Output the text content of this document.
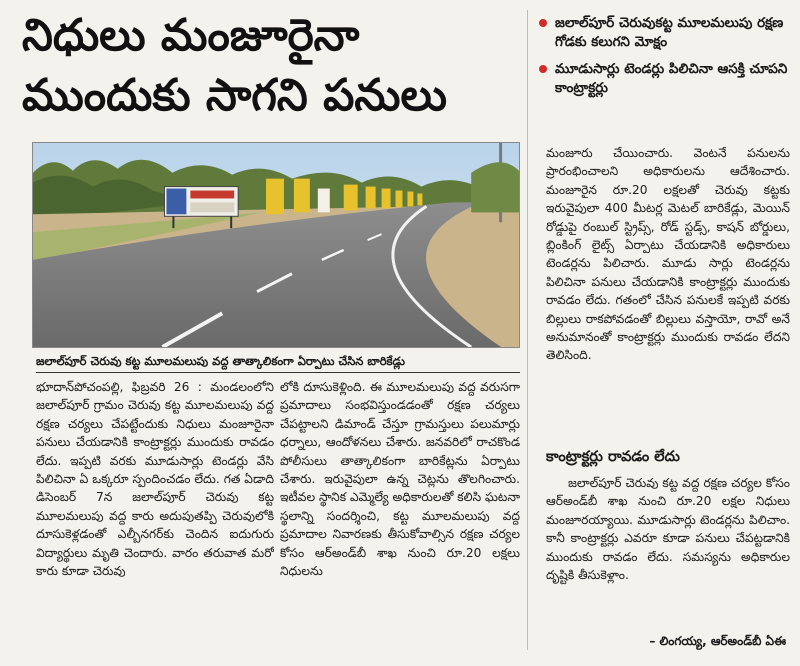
నిధులు మంజూరైనా
ముందుకు సాగని పనులు
జలాల్‌పూర్ చెరువుకట్ట మూలమలుపు రక్షణ గోడకు కలుగని మోక్షం
మూడుసార్లు టెండర్లు పిలిచినా ఆసక్తి చూపని కాంట్రాక్టర్లు
జలాల్‌పూర్ చెరువు కట్ట మూలమలుపు వద్ద తాత్కాలికంగా ఏర్పాటు చేసిన బారికేడ్లు

భూదాన్‌పోచంపల్లి, ఫిబ్రవరి 26 : మండలంలోని జలాల్‌పూర్ గ్రామం చెరువు కట్ట మూలమలుపు వద్ద రక్షణ చర్యలు చేపట్టేందుకు నిధులు మంజూరైనా పనులు చేయడానికి కాంట్రాక్టర్లు ముందుకు రావడం లేదు. ఇప్పటి వరకు మూడుసార్లు టెండర్లు వేసి పిలిచినా ఏ ఒక్కరూ స్పందించడం లేదు. గత ఏడాది డిసెంబర్ 7న జలాల్‌పూర్ చెరువు కట్ట మూలమలుపు వద్ద కారు అదుపుతప్పి చెరువులోకి దూసుకెళ్లడంతో ఎల్బీనగర్‌కు చెందిన ఐదుగురు విద్యార్థులు మృతి చెందారు. వారం తరువాత మరో కారు కూడా చెరువు

లోకి దూసుకెళ్లింది. ఈ మూలమలుపు వద్ద వరుసగా ప్రమాదాలు సంభవిస్తుండడంతో రక్షణ చర్యలు చేపట్టాలని డిమాండ్ చేస్తూ గ్రామస్తులు పలుమార్లు ధర్నాలు, ఆందోళనలు చేశారు. జనవరిలో రాచకొండ పోలీసులు తాత్కాలికంగా బారికేట్లను ఏర్పాటు చేశారు. ఇరువైపులా ఉన్న చెట్లను తొలగించారు. ఇటీవల స్థానిక ఎమ్మెల్యే అధికారులతో కలిసి ఘటనా స్థలాన్ని సందర్శించి, కట్ట మూలమలుపు వద్ద ప్రమాదాల నివారణకు తీసుకోవాల్సిన రక్షణ చర్యల కోసం ఆర్‌అండ్‌బీ శాఖ నుంచి రూ.20 లక్షలు నిధులను

మంజూరు చేయించారు. వెంటనే పనులను ప్రారంభించాలని అధికారులను ఆదేశించారు. మంజూరైన రూ.20 లక్షలతో చెరువు కట్టకు ఇరువైపులా 400 మీటర్ల మెటల్ బారికేడ్లు, మెయిన్ రోడ్డుపై రంబుల్ స్ట్రిప్స్, రోడ్ స్టడ్స్, కాషన్ బోర్డులు, బ్లింకింగ్ లైట్స్ ఏర్పాటు చేయడానికి అధికారులు టెండర్లను పిలిచారు. మూడు సార్లు టెండర్లను పిలిచినా పనులు చేయడానికి కాంట్రాక్టర్లు ముందుకు రావడం లేదు. గతంలో చేసిన పనులకే ఇప్పటి వరకు బిల్లులు రాకపోవడంతో బిల్లులు వస్తాయో, రావో అనే అనుమానంతో కాంట్రాక్టర్లు ముందుకు రావడం లేదని తెలిసింది.

కాంట్రాక్టర్లు రావడం లేదు

జలాల్‌పూర్ చెరువు కట్ట వద్ద రక్షణ చర్యల కోసం ఆర్‌అండ్‌బీ శాఖ నుంచి రూ.20 లక్షల నిధులు మంజూరయ్యాయి. మూడుసార్లు టెండర్లను పిలిచాం. కానీ కాంట్రాక్టర్లు ఎవరూ కూడా పనులు చేపట్టడానికి ముందుకు రావడం లేదు. సమస్యను అధికారుల దృష్టికి తీసుకెళ్లాం.

– లింగయ్య, ఆర్‌అండ్‌బీ ఏఈ
